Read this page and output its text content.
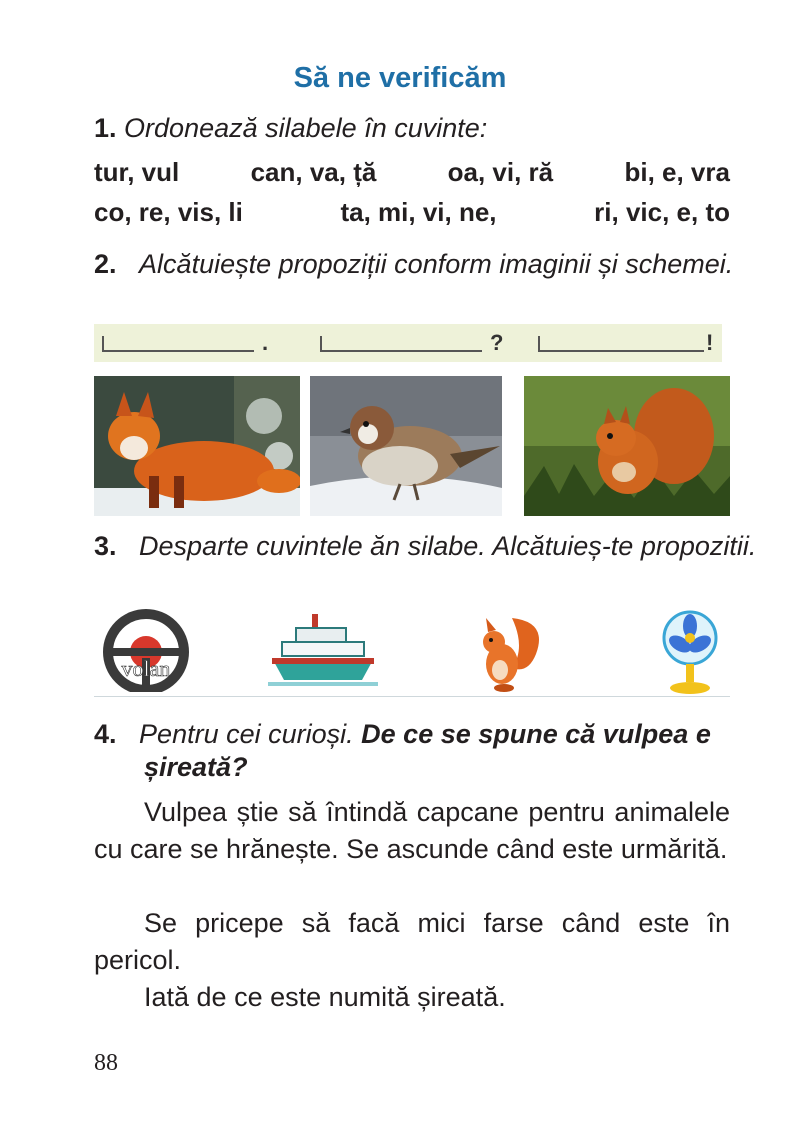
Să ne verificăm
1. Ordonează silabele în cuvinte:
tur, vul	can, va, ță	oa, vi, ră	bi, e, vra
co, re, vis, li	ta, mi, vi, ne,	ri, vic, e, to
2. Alcătuiește propoziții conform imaginii și schemei.
.	?	!
3. Desparte cuvintele ăn silabe. Alcătuieș-te propozitii.
volan
4. Pentru cei curioși. De ce se spune că vulpea e șireată?
Vulpea știe să întindă capcane pentru animalele cu care se hrănește. Se ascunde când este urmărită.
Se pricepe să facă mici farse când este în pericol.
Iată de ce este numită șireată.
88
